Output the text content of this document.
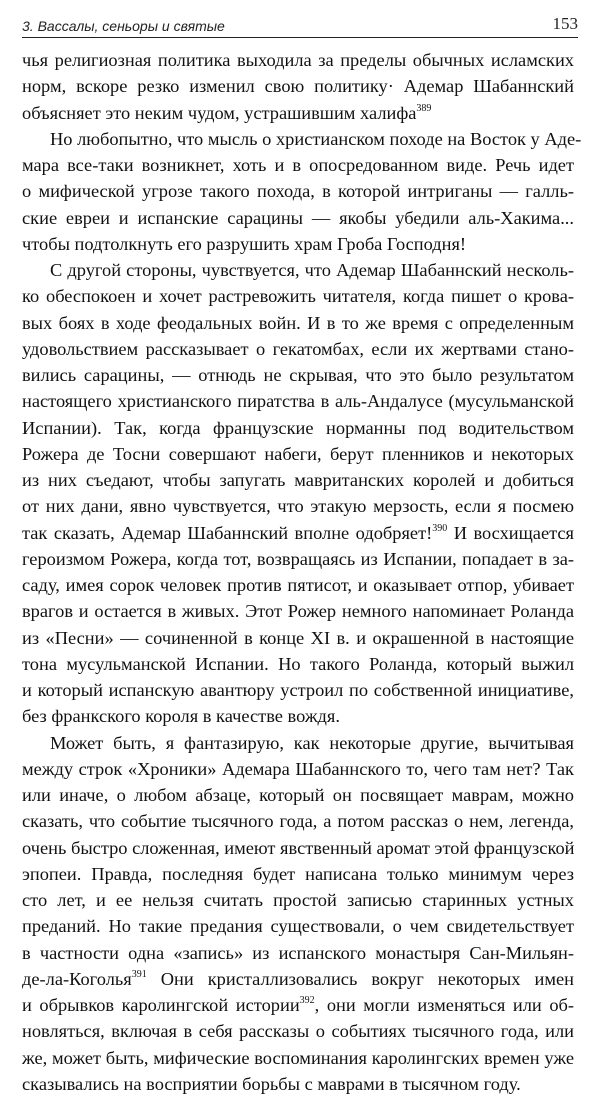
3. Вассалы, сеньоры и святые	153

чья религиозная политика выходила за пределы обычных исламских
норм, вскоре резко изменил свою политику· Адемар Шабаннский
объясняет это неким чудом, устрашившим халифа$^{389}$

Но любопытно, что мысль о христианском походе на Восток у Аде-
мара все-таки возникнет, хоть и в опосредованном виде. Речь идет
о мифической угрозе такого похода, в которой интриганы — галль-
ские евреи и испанские сарацины — якобы убедили аль-Хакима...
чтобы подтолкнуть его разрушить храм Гроба Господня!

С другой стороны, чувствуется, что Адемар Шабаннский несколь-
ко обеспокоен и хочет растревожить читателя, когда пишет о крова-
вых боях в ходе феодальных войн. И в то же время с определенным
удовольствием рассказывает о гекатомбах, если их жертвами стано-
вились сарацины, — отнюдь не скрывая, что это было результатом
настоящего христианского пиратства в аль-Андалусе (мусульманской
Испании). Так, когда французские норманны под водительством
Рожера де Тосни совершают набеги, берут пленников и некоторых
из них съедают, чтобы запугать мавританских королей и добиться
от них дани, явно чувствуется, что этакую мерзость, если я посмею
так сказать, Адемар Шабаннский вполне одобряет!$^{390}$ И восхищается
героизмом Рожера, когда тот, возвращаясь из Испании, попадает в за-
саду, имея сорок человек против пятисот, и оказывает отпор, убивает
врагов и остается в живых. Этот Рожер немного напоминает Роланда
из «Песни» — сочиненной в конце XI в. и окрашенной в настоящие
тона мусульманской Испании. Но такого Роланда, который выжил
и который испанскую авантюру устроил по собственной инициативе,
без франкского короля в качестве вождя.

Может быть, я фантазирую, как некоторые другие, вычитывая
между строк «Хроники» Адемара Шабаннского то, чего там нет? Так
или иначе, о любом абзаце, который он посвящает маврам, можно
сказать, что событие тысячного года, а потом рассказ о нем, легенда,
очень быстро сложенная, имеют явственный аромат этой французской
эпопеи. Правда, последняя будет написана только минимум через
сто лет, и ее нельзя считать простой записью старинных устных
преданий. Но такие предания существовали, о чем свидетельствует
в частности одна «запись» из испанского монастыря Сан-Мильян-
де-ла-Коголья$^{391}$ Они кристаллизовались вокруг некоторых имен
и обрывков каролингской истории$^{392}$, они могли изменяться или об-
новляться, включая в себя рассказы о событиях тысячного года, или
же, может быть, мифические воспоминания каролингских времен уже
сказывались на восприятии борьбы с маврами в тысячном году.
